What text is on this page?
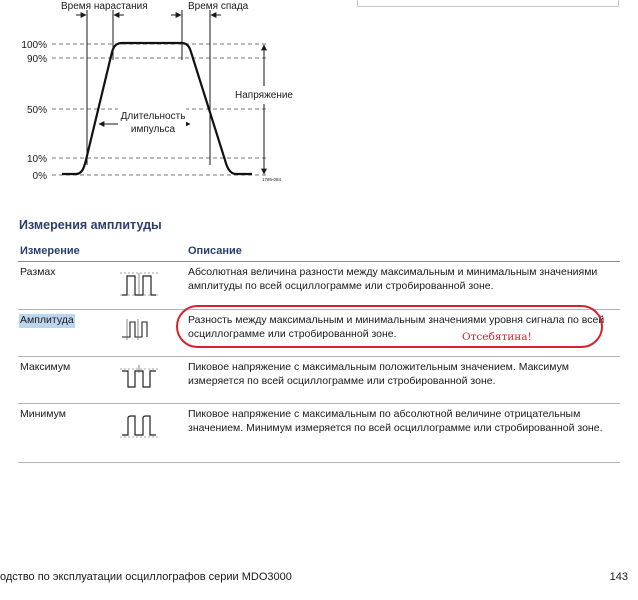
Время нарастания	Время спада
100%
90%
50%
10%
0%
Напряжение
Длительность
импульса
1785-084
Измерения амплитуды
Измерение	Описание
Размах	Абсолютная величина разности между максимальным и минимальным значениями амплитуды по всей осциллограмме или стробированной зоне.
Амплитуда	Разность между максимальным и минимальным значениями уровня сигнала по всей осциллограмме или стробированной зоне.
Максимум	Пиковое напряжение с максимальным положительным значением. Максимум измеряется по всей осциллограмме или стробированной зоне.
Минимум	Пиковое напряжение с максимальным по абсолютной величине отрицательным значением. Минимум измеряется по всей осциллограмме или стробированной зоне.
Отсебятина!
одство по эксплуатации осциллографов серии MDO3000	143
